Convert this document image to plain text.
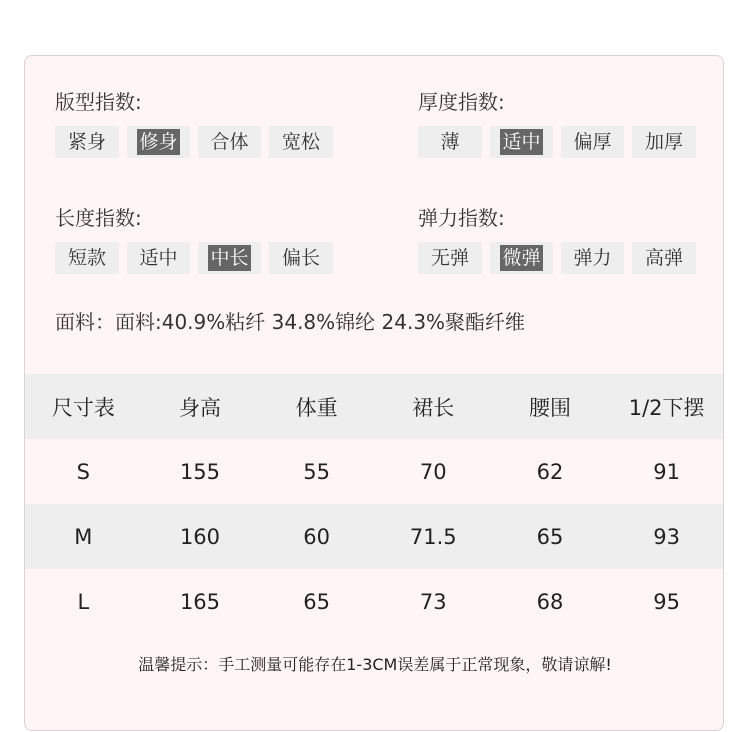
版型指数:
紧身	修身	合体	宽松
厚度指数:
薄	适中	偏厚	加厚
长度指数:
短款	适中	中长	偏长
弹力指数:
无弹	微弹	弹力	高弹
面料：面料:40.9%粘纤 34.8%锦纶 24.3%聚酯纤维
尺寸表	身高	体重	裙长	腰围	1/2下摆
S	155	55	70	62	91
M	160	60	71.5	65	93
L	165	65	73	68	95
温馨提示：手工测量可能存在1-3CM误差属于正常现象，敬请谅解!
